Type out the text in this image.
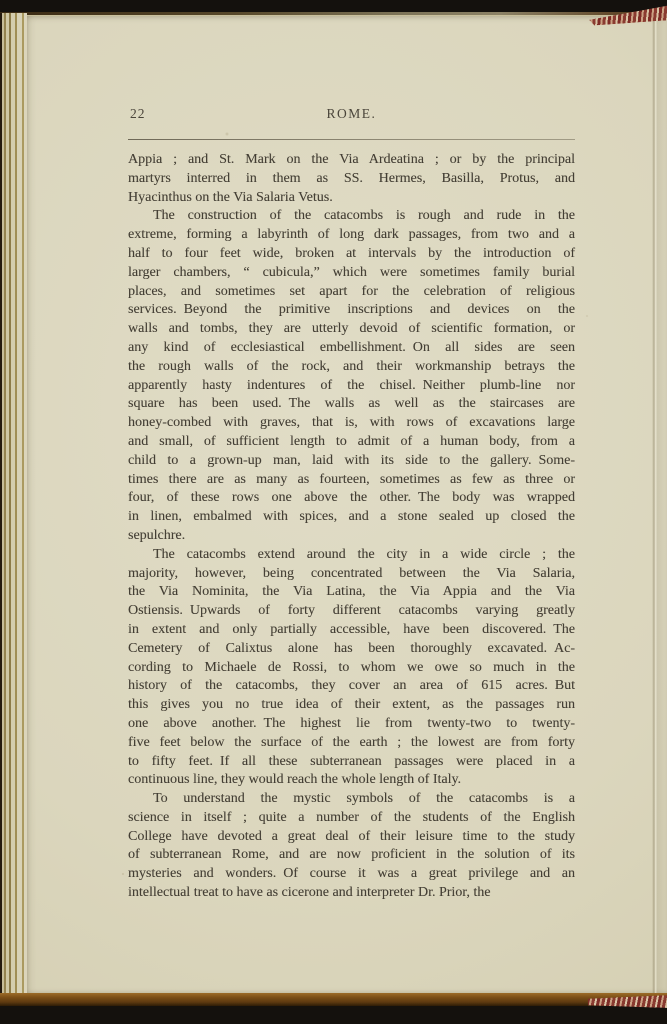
22	ROME.
Appia ; and St. Mark on the Via Ardeatina ; or by the principal
martyrs interred in them as SS. Hermes, Basilla, Protus, and
Hyacinthus on the Via Salaria Vetus.
The construction of the catacombs is rough and rude in the
extreme, forming a labyrinth of long dark passages, from two and a
half to four feet wide, broken at intervals by the introduction of
larger chambers, “ cubicula,” which were sometimes family burial
places, and sometimes set apart for the celebration of religious
services. Beyond the primitive inscriptions and devices on the
walls and tombs, they are utterly devoid of scientific formation, or
any kind of ecclesiastical embellishment. On all sides are seen
the rough walls of the rock, and their workmanship betrays the
apparently hasty indentures of the chisel. Neither plumb-line nor
square has been used. The walls as well as the staircases are
honey-combed with graves, that is, with rows of excavations large
and small, of sufficient length to admit of a human body, from a
child to a grown-up man, laid with its side to the gallery. Some-
times there are as many as fourteen, sometimes as few as three or
four, of these rows one above the other. The body was wrapped
in linen, embalmed with spices, and a stone sealed up closed the
sepulchre.
The catacombs extend around the city in a wide circle ; the
majority, however, being concentrated between the Via Salaria,
the Via Nominita, the Via Latina, the Via Appia and the Via
Ostiensis. Upwards of forty different catacombs varying greatly
in extent and only partially accessible, have been discovered. The
Cemetery of Calixtus alone has been thoroughly excavated. Ac-
cording to Michaele de Rossi, to whom we owe so much in the
history of the catacombs, they cover an area of 615 acres. But
this gives you no true idea of their extent, as the passages run
one above another. The highest lie from twenty-two to twenty-
five feet below the surface of the earth ; the lowest are from forty
to fifty feet. If all these subterranean passages were placed in a
continuous line, they would reach the whole length of Italy.
To understand the mystic symbols of the catacombs is a
science in itself ; quite a number of the students of the English
College have devoted a great deal of their leisure time to the study
of subterranean Rome, and are now proficient in the solution of its
mysteries and wonders. Of course it was a great privilege and an
intellectual treat to have as cicerone and interpreter Dr. Prior, the
